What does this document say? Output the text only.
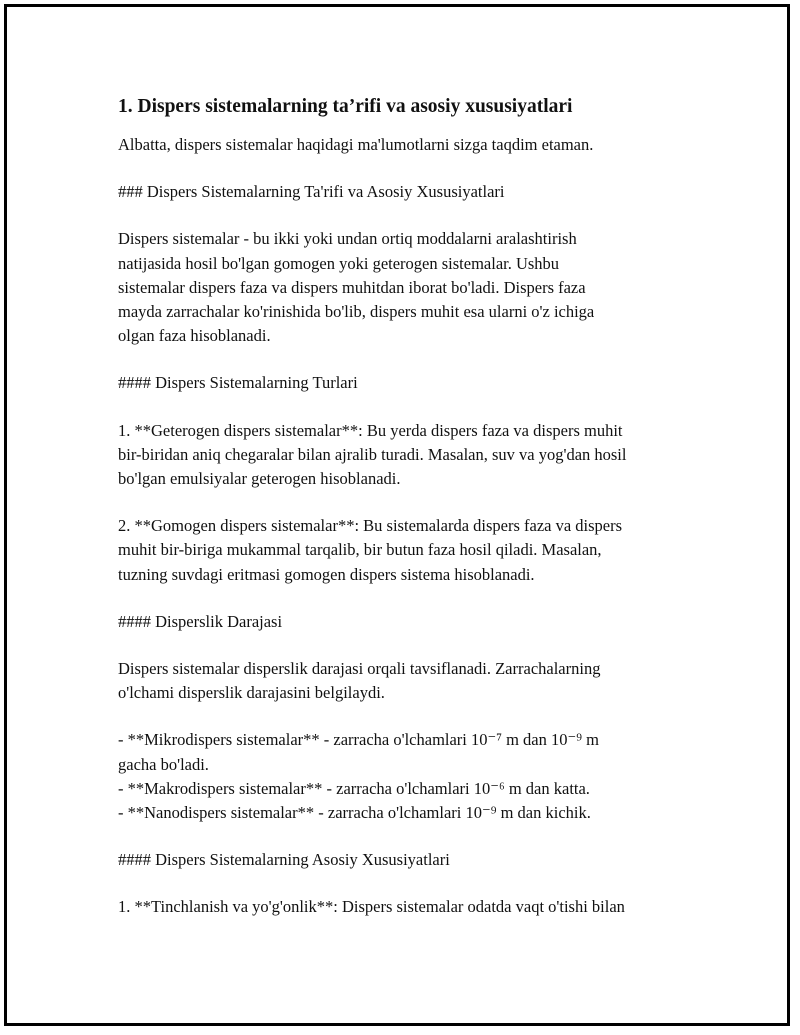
1. Dispers sistemalarning ta’rifi va asosiy xususiyatlari
Albatta, dispers sistemalar haqidagi ma'lumotlarni sizga taqdim etaman.
### Dispers Sistemalarning Ta'rifi va Asosiy Xususiyatlari
Dispers sistemalar - bu ikki yoki undan ortiq moddalarni aralashtirish
natijasida hosil bo'lgan gomogen yoki geterogen sistemalar. Ushbu
sistemalar dispers faza va dispers muhitdan iborat bo'ladi. Dispers faza
mayda zarrachalar ko'rinishida bo'lib, dispers muhit esa ularni o'z ichiga
olgan faza hisoblanadi.
#### Dispers Sistemalarning Turlari
1. **Geterogen dispers sistemalar**: Bu yerda dispers faza va dispers muhit
bir-biridan aniq chegaralar bilan ajralib turadi. Masalan, suv va yog'dan hosil
bo'lgan emulsiyalar geterogen hisoblanadi.
2. **Gomogen dispers sistemalar**: Bu sistemalarda dispers faza va dispers
muhit bir-biriga mukammal tarqalib, bir butun faza hosil qiladi. Masalan,
tuzning suvdagi eritmasi gomogen dispers sistema hisoblanadi.
#### Disperslik Darajasi
Dispers sistemalar disperslik darajasi orqali tavsiflanadi. Zarrachalarning
o'lchami disperslik darajasini belgilaydi.
- **Mikrodispers sistemalar** - zarracha o'lchamlari 10⁻⁷ m dan 10⁻⁹ m
gacha bo'ladi.
- **Makrodispers sistemalar** - zarracha o'lchamlari 10⁻⁶ m dan katta.
- **Nanodispers sistemalar** - zarracha o'lchamlari 10⁻⁹ m dan kichik.
#### Dispers Sistemalarning Asosiy Xususiyatlari
1. **Tinchlanish va yo'g'onlik**: Dispers sistemalar odatda vaqt o'tishi bilan
